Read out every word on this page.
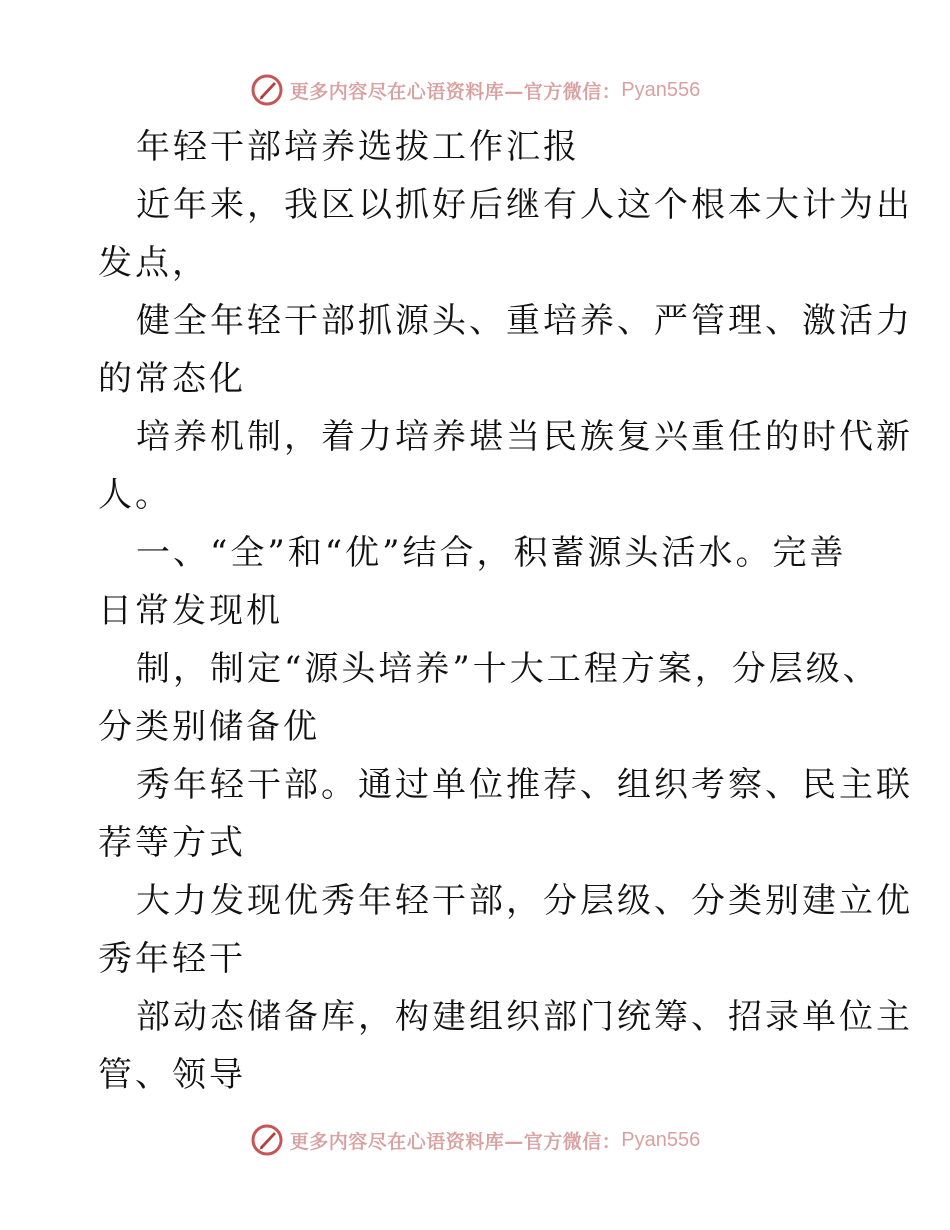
更多内容尽在心语资料库—官方微信： Pyan556

年轻干部培养选拔工作汇报

近年来，我区以抓好后继有人这个根本大计为出

发点，

健全年轻干部抓源头、重培养、严管理、激活力

的常态化

培养机制，着力培养堪当民族复兴重任的时代新

人。

一、“全”和“优”结合，积蓄源头活水。完善

日常发现机

制，制定“源头培养”十大工程方案，分层级、

分类别储备优

秀年轻干部。通过单位推荐、组织考察、民主联

荐等方式

大力发现优秀年轻干部，分层级、分类别建立优

秀年轻干

部动态储备库，构建组织部门统筹、招录单位主

管、领导

更多内容尽在心语资料库—官方微信： Pyan556
